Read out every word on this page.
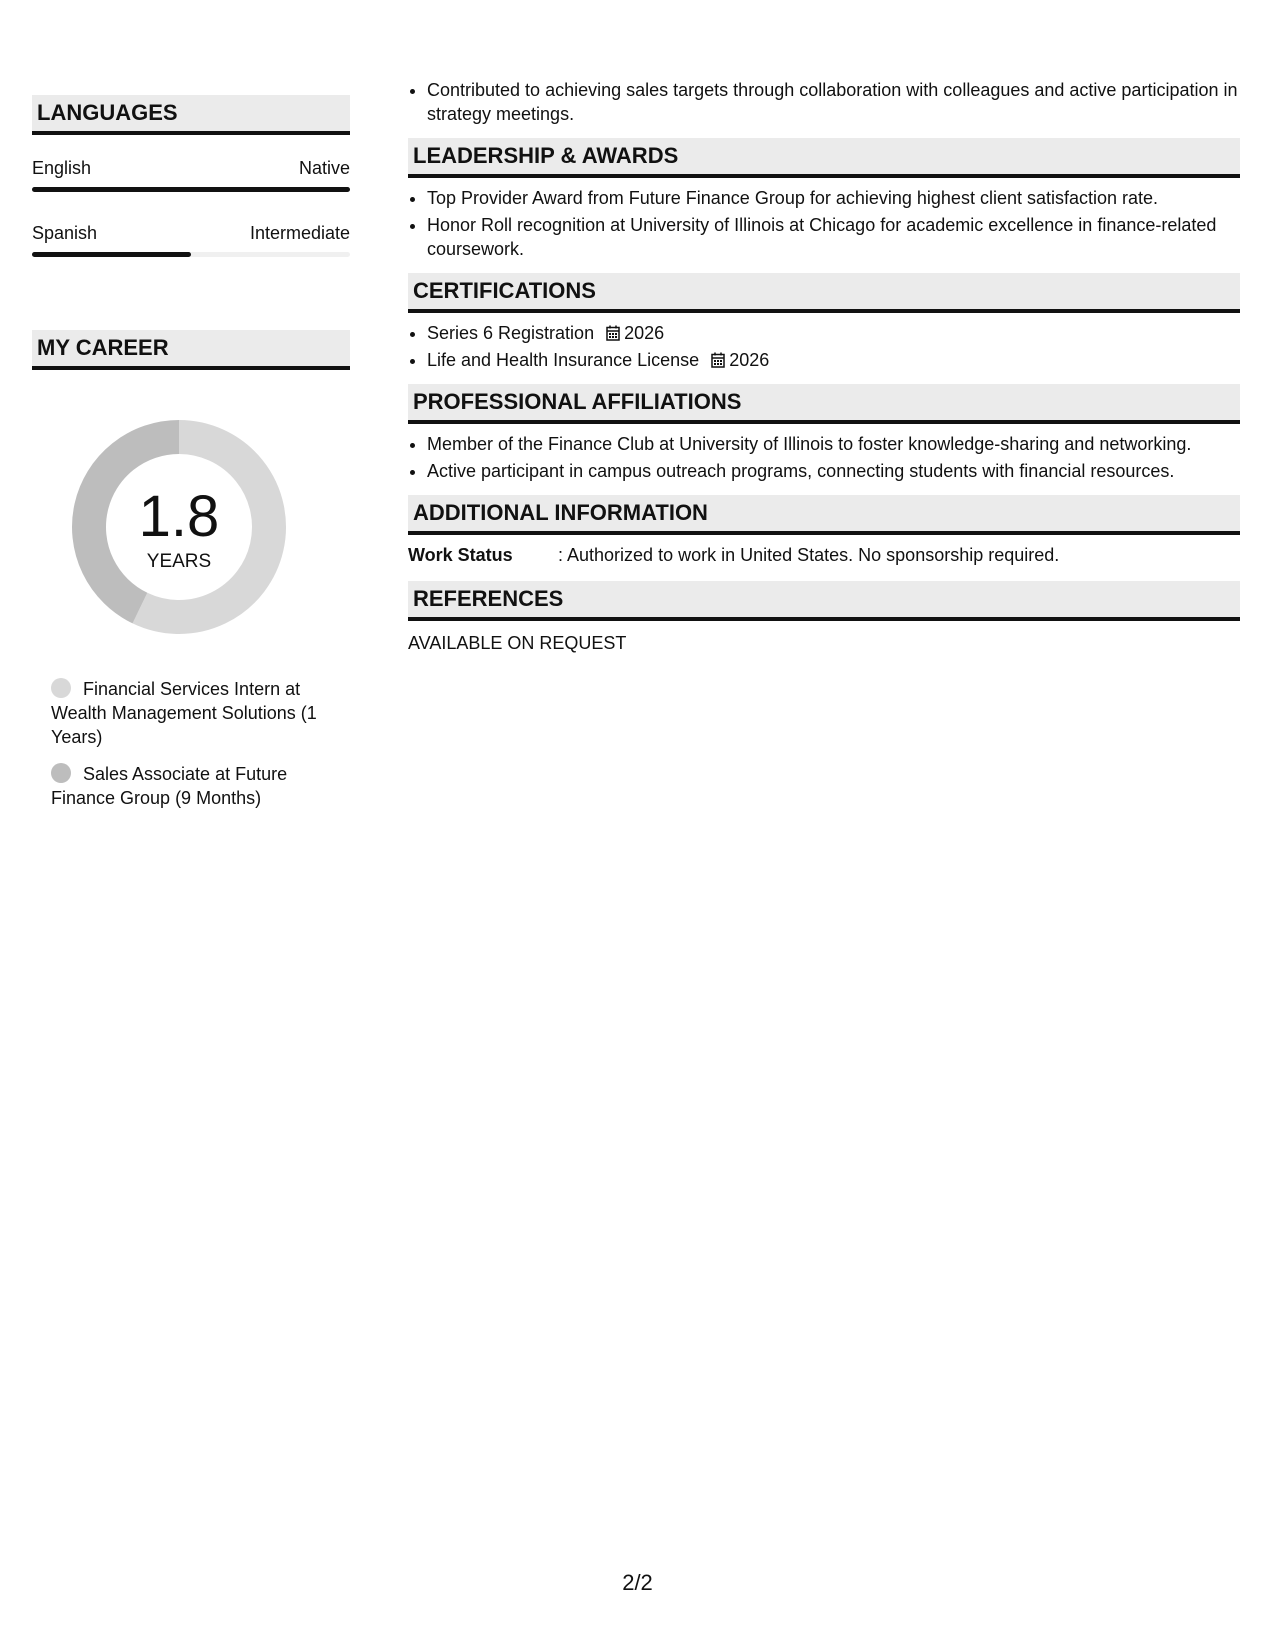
LANGUAGES
English	Native
Spanish	Intermediate
MY CAREER
1.8
YEARS
Financial Services Intern at Wealth Management Solutions (1 Years)
Sales Associate at Future Finance Group (9 Months)
• Contributed to achieving sales targets through collaboration with colleagues and active participation in strategy meetings.
LEADERSHIP & AWARDS
• Top Provider Award from Future Finance Group for achieving highest client satisfaction rate.
• Honor Roll recognition at University of Illinois at Chicago for academic excellence in finance-related coursework.
CERTIFICATIONS
• Series 6 Registration 2026
• Life and Health Insurance License 2026
PROFESSIONAL AFFILIATIONS
• Member of the Finance Club at University of Illinois to foster knowledge-sharing and networking.
• Active participant in campus outreach programs, connecting students with financial resources.
ADDITIONAL INFORMATION
Work Status	: Authorized to work in United States. No sponsorship required.
REFERENCES
AVAILABLE ON REQUEST
2/2
